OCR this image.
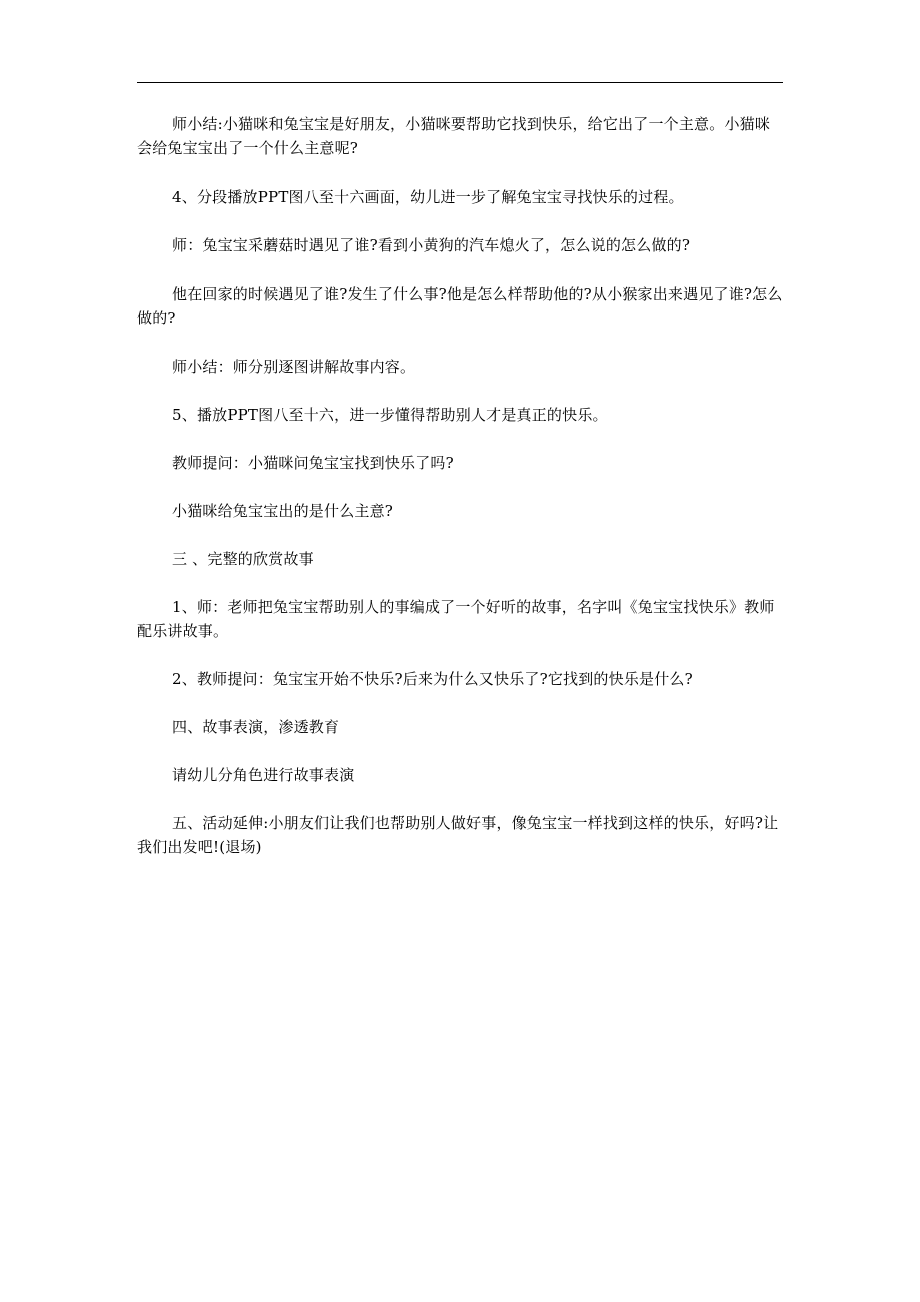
师小结:小猫咪和兔宝宝是好朋友，小猫咪要帮助它找到快乐，给它出了一个主意。小猫咪会给兔宝宝出了一个什么主意呢?

4、分段播放PPT图八至十六画面，幼儿进一步了解兔宝宝寻找快乐的过程。

师：兔宝宝采蘑菇时遇见了谁?看到小黄狗的汽车熄火了，怎么说的怎么做的?

他在回家的时候遇见了谁?发生了什么事?他是怎么样帮助他的?从小猴家出来遇见了谁?怎么做的?

师小结：师分别逐图讲解故事内容。

5、播放PPT图八至十六，进一步懂得帮助别人才是真正的快乐。

教师提问：小猫咪问兔宝宝找到快乐了吗?

小猫咪给兔宝宝出的是什么主意?

三 、完整的欣赏故事

1、师：老师把兔宝宝帮助别人的事编成了一个好听的故事，名字叫《兔宝宝找快乐》教师配乐讲故事。

2、教师提问：兔宝宝开始不快乐?后来为什么又快乐了?它找到的快乐是什么?

四、故事表演，渗透教育

请幼儿分角色进行故事表演

五、活动延伸:小朋友们让我们也帮助别人做好事，像兔宝宝一样找到这样的快乐，好吗?让我们出发吧!(退场)
